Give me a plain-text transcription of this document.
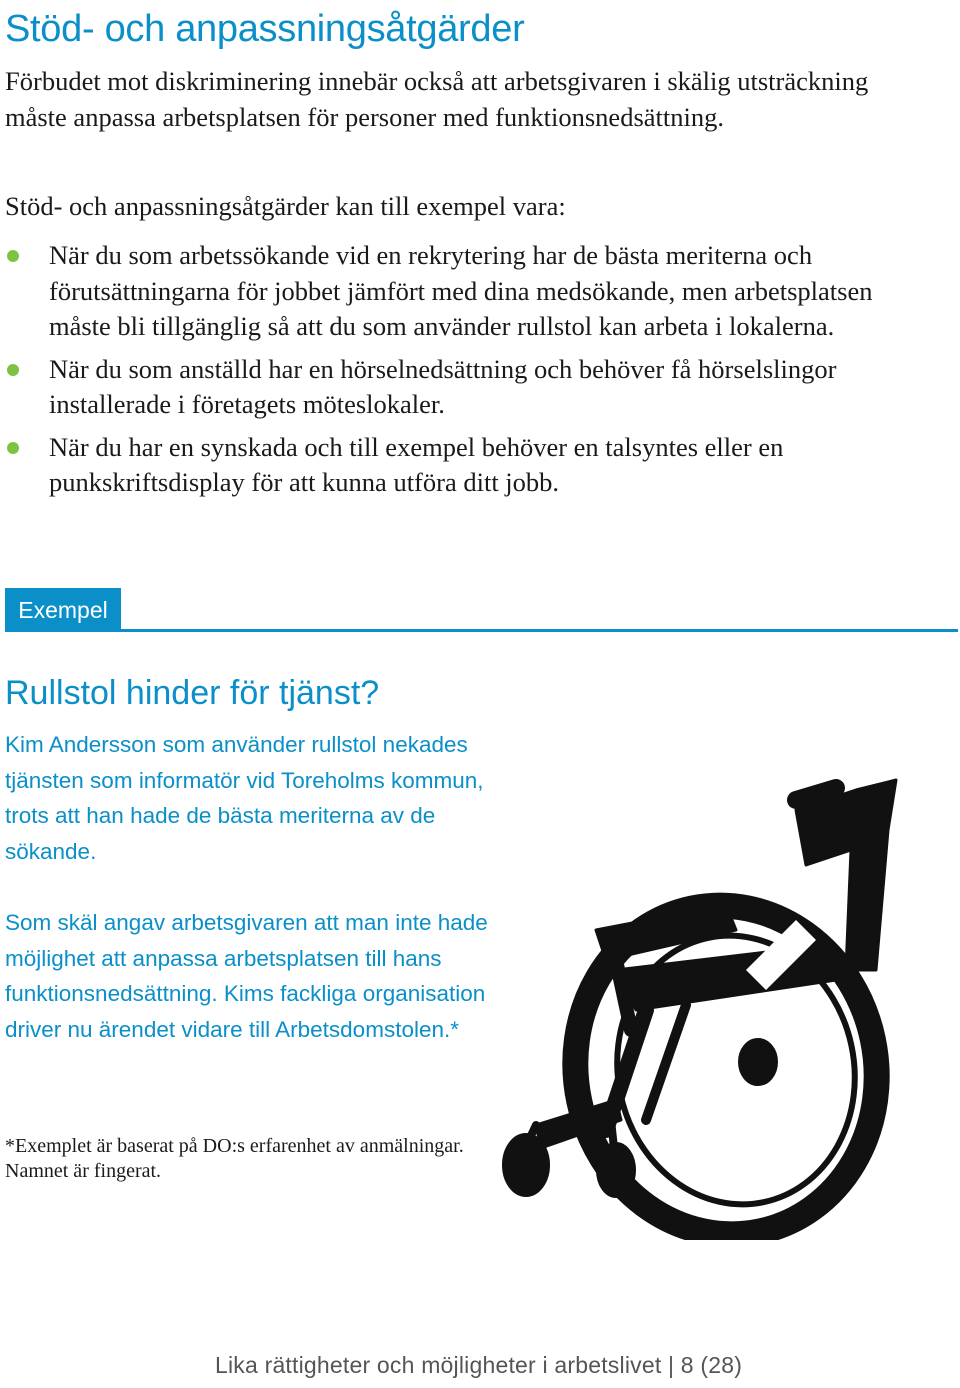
Stöd- och anpassningsåtgärder

Förbudet mot diskriminering innebär också att arbetsgivaren i skälig utsträckning måste anpassa arbetsplatsen för personer med funktionsnedsättning.

Stöd- och anpassningsåtgärder kan till exempel vara:

När du som arbetssökande vid en rekrytering har de bästa meriterna och förutsättningarna för jobbet jämfört med dina medsökande, men arbetsplatsen måste bli tillgänglig så att du som använder rullstol kan arbeta i lokalerna.
När du som anställd har en hörselnedsättning och behöver få hörselslingor installerade i företagets möteslokaler.
När du har en synskada och till exempel behöver en talsyntes eller en punkskriftsdisplay för att kunna utföra ditt jobb.
Exempel
Rullstol hinder för tjänst?

Kim Andersson som använder rullstol nekades tjänsten som informatör vid Toreholms kommun, trots att han hade de bästa meriterna av de sökande.

Som skäl angav arbetsgivaren att man inte hade möjlighet att anpassa arbetsplatsen till hans funktionsnedsättning. Kims fackliga organisation driver nu ärendet vidare till Arbetsdomstolen.*

*Exemplet är baserat på DO:s erfarenhet av anmälningar. Namnet är fingerat.

Lika rättigheter och möjligheter i arbetslivet | 8 (28)
